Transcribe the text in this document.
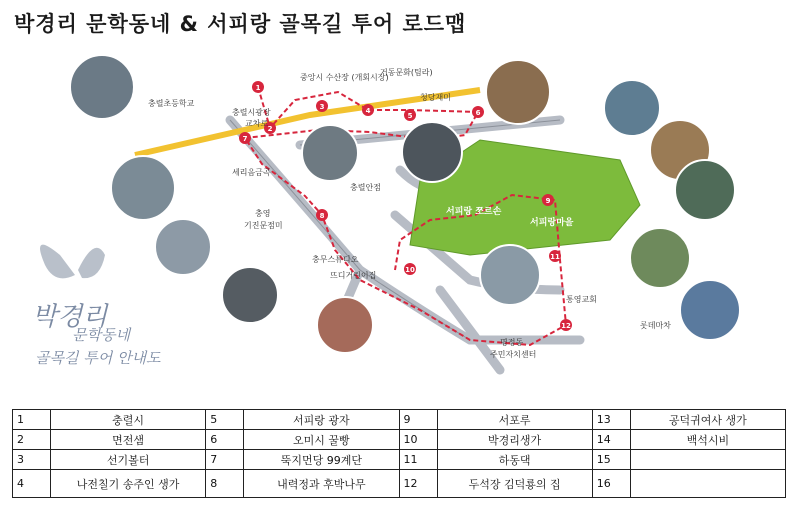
박경리 문학동네 & 서피랑 골목길 투어 로드맵
1
2
3	4
5	6
7
8
9
10
11
12
박경리
문학동네
골목길 투어 안내도
충렬초등학교
중앙시 수산장 (개회시장)
거동문화(팀라)
충렬시광장
교차로
청당재미
세리음금곡
충렬안점
충영
기진문점미
서피랑 쪼르손
서피랑마을
충무스튜디오
뜨디거린이집
통영교회
명정동
주민자치센터
롯데마차
1	충렬시	5	서피랑 광자	9	서포루	13	공덕귀여사 생가
2	면전샘	6	오미시 꿀빵	10	박경리생가	14	백석시비
3	선기볼터	7	뚝지먼당 99계단	11	하동댁	15	
4	나전칠기 송주인 생가	8	내력정과 후박나무	12	두석장 김덕룡의 집	16	
